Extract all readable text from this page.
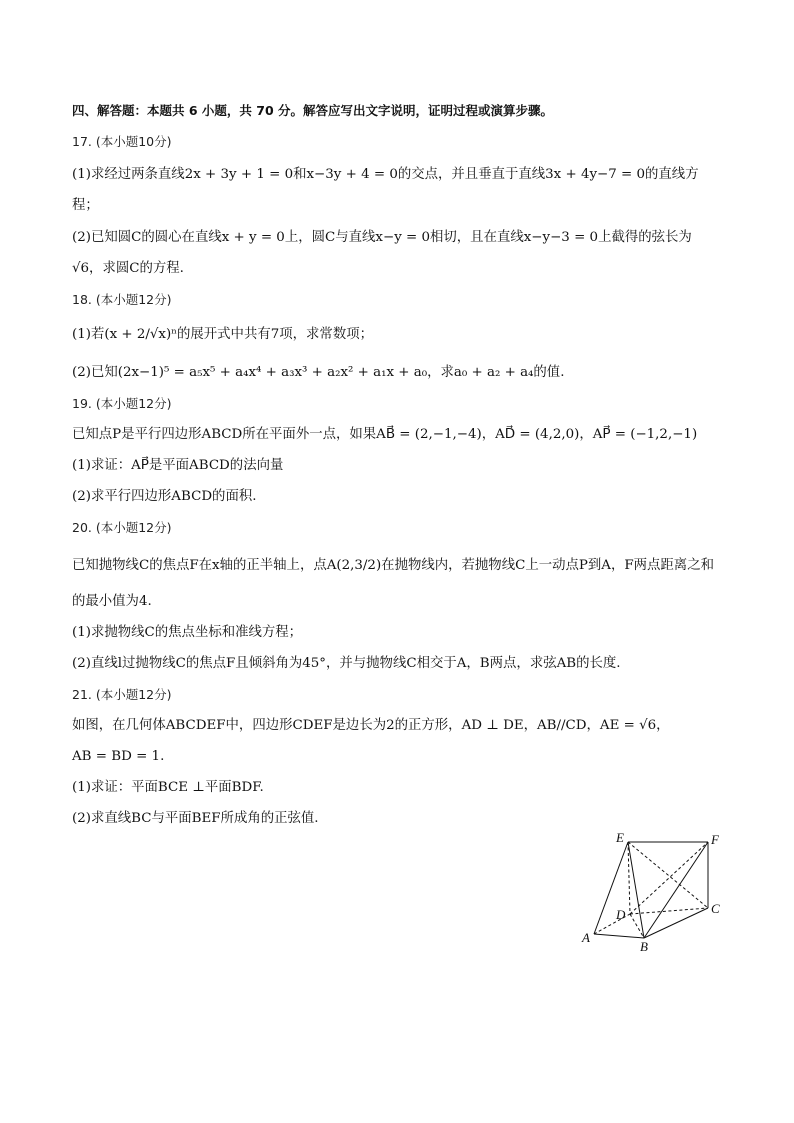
四、解答题：本题共 6 小题，共 70 分。解答应写出文字说明，证明过程或演算步骤。
17. (本小题10分)
(1)求经过两条直线2x + 3y + 1 = 0和x−3y + 4 = 0的交点，并且垂直于直线3x + 4y−7 = 0的直线方
程；
(2)已知圆C的圆心在直线x + y = 0上，圆C与直线x−y = 0相切，且在直线x−y−3 = 0上截得的弦长为
√6，求圆C的方程.
18. (本小题12分)
(1)若(x + 2/√x)ⁿ的展开式中共有7项，求常数项；
(2)已知(2x−1)⁵ = a₅x⁵ + a₄x⁴ + a₃x³ + a₂x² + a₁x + a₀，求a₀ + a₂ + a₄的值.
19. (本小题12分)
已知点P是平行四边形ABCD所在平面外一点，如果AB⃗ = (2,−1,−4)，AD⃗ = (4,2,0)，AP⃗ = (−1,2,−1)
(1)求证：AP⃗是平面ABCD的法向量
(2)求平行四边形ABCD的面积.
20. (本小题12分)
已知抛物线C的焦点F在x轴的正半轴上，点A(2,3/2)在抛物线内，若抛物线C上一动点P到A，F两点距离之和
的最小值为4.
(1)求抛物线C的焦点坐标和准线方程；
(2)直线l过抛物线C的焦点F且倾斜角为45°，并与抛物线C相交于A，B两点，求弦AB的长度.
21. (本小题12分)
如图，在几何体ABCDEF中，四边形CDEF是边长为2的正方形，AD ⊥ DE，AB//CD，AE = √6，
AB = BD = 1.
(1)求证：平面BCE ⊥平面BDF.
(2)求直线BC与平面BEF所成角的正弦值.
E	F
D	C
A
B
